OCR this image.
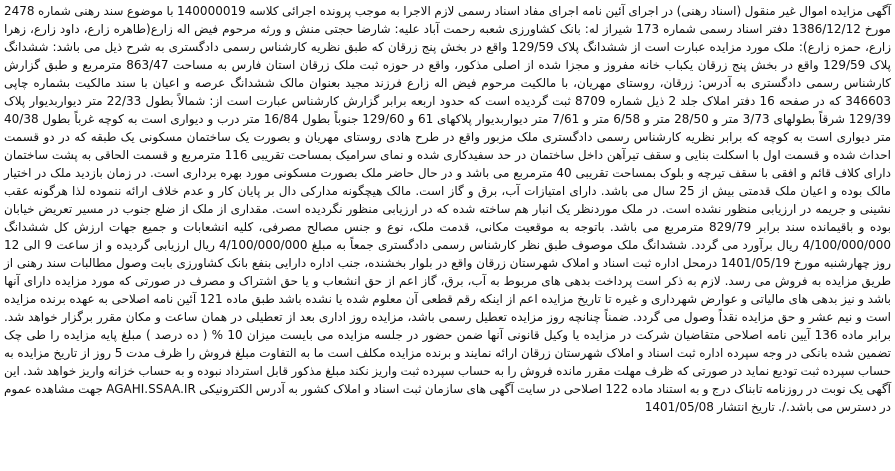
آگهی مزایده اموال غیر منقول (اسناد رهنی) در اجرای آئین نامه اجرای مفاد اسناد رسمی لازم الاجرا به موجب پرونده اجرائی کلاسه 140000019 با موضوع سند رهنی شماره 2478 مورخ 1386/12/12 دفتر اسناد رسمی شماره 173 شیراز له: بانک کشاورزی شعبه رحمت آباد علیه: شارضا حجتی منش و ورثه مرحوم فیض اله زارع(طاهره زارع، داود زارع، زهرا زارع، حمزه زارع): ملک مورد مزایده عبارت است از ششدانگ پلاک 129/59 واقع در بخش پنج زرقان که طبق نظریه کارشناس رسمی دادگستری به شرح ذیل می باشد: ششدانگ پلاک 129/59 واقع در بخش پنج زرقان یکباب خانه مفروز و مجزا شده از اصلی مذکور، واقع در حوزه ثبت ملک زرقان استان فارس به مساحت 863/47 مترمربع و طبق گزارش کارشناس رسمی دادگستری به آدرس: زرقان، روستای مهریان، با مالکیت مرحوم فیض اله زارع فرزند مجید بعنوان مالک ششدانگ عرصه و اعیان با سند مالکیت بشماره چاپی 346603 که در صفحه 16 دفتر املاک جلد 2 ذیل شماره 8709 ثبت گردیده است که حدود اربعه برابر گزارش کارشناس عبارت است از: شمالاً بطول 22/33 متر دیواربدیوار پلاک 129/39 شرقاً بطولهای 3/73 متر و 28/50 متر و 6/58 متر و 7/61 متر دیواربدیوار پلاکهای 61 و 129/60 جنوباً بطول 16/84 متر درب و دیواری است به کوچه غرباً بطول 40/38 متر دیواری است به کوچه که برابر نظریه کارشناس رسمی دادگستری ملک مزبور واقع در طرح هادی روستای مهریان و بصورت یک ساختمان مسکونی یک طبقه که در دو قسمت احداث شده و قسمت اول با اسکلت بنایی و سقف تیرآهن داخل ساختمان در حد سفیدکاری شده و نمای سرامیک بمساحت تقریبی 116 مترمربع و قسمت الحاقی به پشت ساختمان دارای کلاف قائم و افقی با سقف تیرچه و بلوک بمساحت تقریبی 40 مترمربع می باشد و در حال حاضر ملک بصورت مسکونی مورد بهره برداری است. در زمان بازدید ملک در اختیار مالک بوده و اعیان ملک قدمتی بیش از 25 سال می باشد. دارای امتیازات آب، برق و گاز است. مالک هیچگونه مدارکی دال بر پایان کار و عدم خلاف ارائه ننموده لذا هرگونه عقب نشینی و جریمه در ارزیابی منظور نشده است. در ملک موردنظر یک انبار هم ساخته شده که در ارزیابی منظور نگردیده است. مقداری از ملک از ضلع جنوب در مسیر تعریض خیابان بوده و باقیمانده سند برابر 829/79 مترمربع می باشد. باتوجه به موقعیت مکانی، قدمت ملک، نوع و جنس مصالح مصرفی، کلیه انشعابات و جمیع جهات ارزش کل ششدانگ 4/100/000/000 ریال برآورد می گردد. ششدانگ ملک موصوف طبق نظر کارشناس رسمی دادگستری جمعاً به مبلغ 4/100/000/000 ریال ارزیابی گردیده و از ساعت 9 الی 12 روز چهارشنبه مورخ 1401/05/19 درمحل اداره ثبت اسناد و املاک شهرستان زرقان واقع در بلوار بخشنده، جنب اداره دارایی بنفع بانک کشاورزی بابت وصول مطالبات سند رهنی از طریق مزایده به فروش می رسد. لازم به ذکر است پرداخت بدهی های مربوط به آب، برق، گاز اعم از حق انشعاب و یا حق اشتراک و مصرف در صورتی که مورد مزایده دارای آنها باشد و نیز بدهی های مالیاتی و عوارض شهرداری و غیره تا تاریخ مزایده اعم از اینکه رقم قطعی آن معلوم شده یا نشده باشد طبق ماده 121 آئین نامه اصلاحی به عهده برنده مزایده است و نیم عشر و حق مزایده نقداً وصول می گردد. ضمناً چنانچه روز مزایده تعطیل رسمی باشد، مزایده روز اداری بعد از تعطیلی در همان ساعت و مکان مقرر برگزار خواهد شد. برابر ماده 136 آیین نامه اصلاحی متقاضیان شرکت در مزایده یا وکیل قانونی آنها ضمن حضور در جلسه مزایده می بایست میزان 10 % ( ده درصد ) مبلغ پایه مزایده را طی چک تضمین شده بانکی در وجه سپرده اداره ثبت اسناد و املاک شهرستان زرقان ارائه نمایند و برنده مزایده مکلف است ما به التفاوت مبلغ فروش را ظرف مدت 5 روز از تاریخ مزایده به حساب سپرده ثبت تودیع نماید در صورتی که ظرف مهلت مقرر مانده فروش را به حساب سپرده ثبت واریز نکند مبلغ مذکور قابل استرداد نبوده و به حساب خزانه واریز خواهد شد. این آگهی یک نوبت در روزنامه تابناک درج و به استناد ماده 122 اصلاحی در سایت آگهی های سازمان ثبت اسناد و املاک کشور به آدرس الکترونیکی AGAHI.SSAA.IR جهت مشاهده عموم در دسترس می باشد./. تاریخ انتشار 1401/05/08
